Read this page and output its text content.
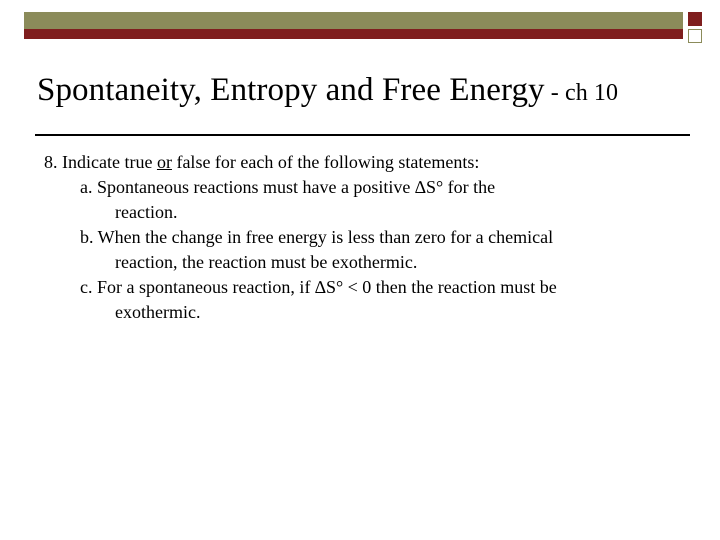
Spontaneity, Entropy and Free Energy - ch 10
8. Indicate true or false for each of the following statements:
a. Spontaneous reactions must have a positive ∆S° for the
reaction.
b. When the change in free energy is less than zero for a chemical
reaction, the reaction must be exothermic.
c. For a spontaneous reaction, if ∆S° < 0 then the reaction must be
exothermic.
